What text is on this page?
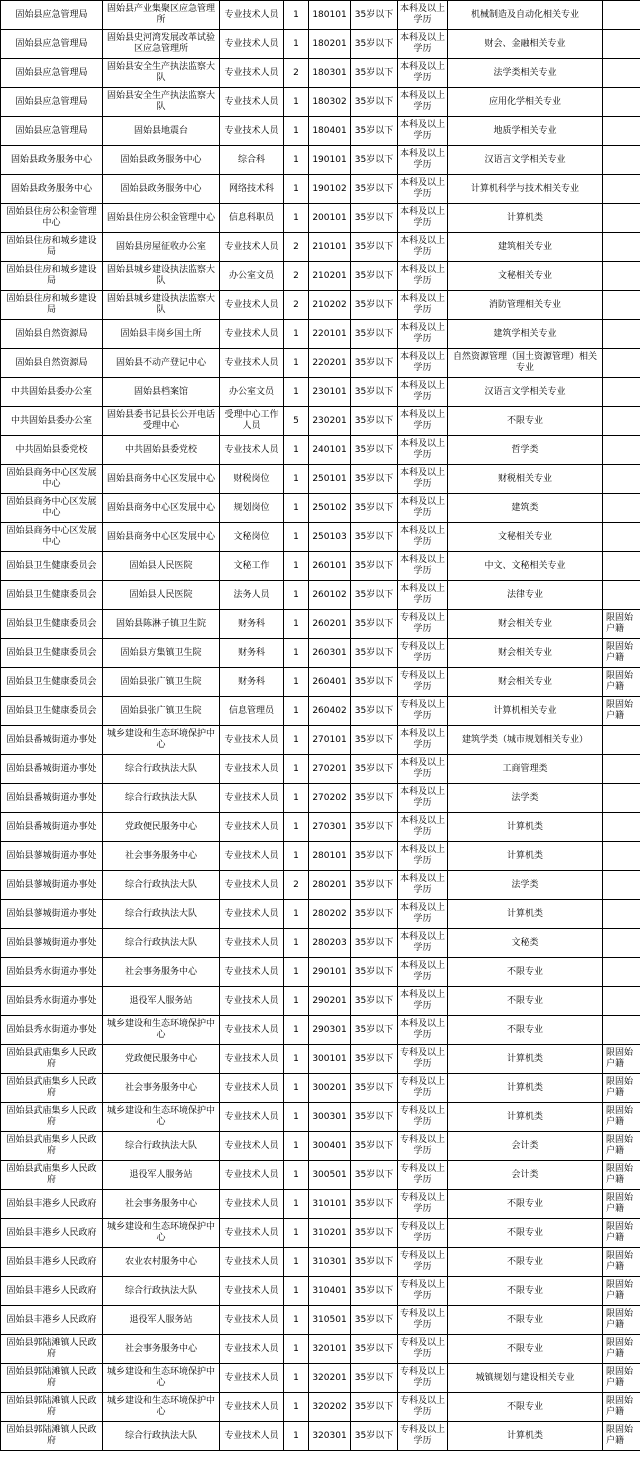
固始县应急管理局	固始县产业集聚区应急管理所	专业技术人员	1	180101	35岁以下	本科及以上学历	机械制造及自动化相关专业	
固始县应急管理局	固始县史河湾发展改革试验区应急管理所	专业技术人员	1	180201	35岁以下	本科及以上学历	财会、金融相关专业	
固始县应急管理局	固始县安全生产执法监察大队	专业技术人员	2	180301	35岁以下	本科及以上学历	法学类相关专业	
固始县应急管理局	固始县安全生产执法监察大队	专业技术人员	1	180302	35岁以下	本科及以上学历	应用化学相关专业	
固始县应急管理局	固始县地震台	专业技术人员	1	180401	35岁以下	本科及以上学历	地质学相关专业	
固始县政务服务中心	固始县政务服务中心	综合科	1	190101	35岁以下	本科及以上学历	汉语言文学相关专业	
固始县政务服务中心	固始县政务服务中心	网络技术科	1	190102	35岁以下	本科及以上学历	计算机科学与技术相关专业	
固始县住房公积金管理中心	固始县住房公积金管理中心	信息科职员	1	200101	35岁以下	本科及以上学历	计算机类	
固始县住房和城乡建设局	固始县房屋征收办公室	专业技术人员	2	210101	35岁以下	本科及以上学历	建筑相关专业	
固始县住房和城乡建设局	固始县城乡建设执法监察大队	办公室文员	2	210201	35岁以下	本科及以上学历	文秘相关专业	
固始县住房和城乡建设局	固始县城乡建设执法监察大队	专业技术人员	2	210202	35岁以下	本科及以上学历	消防管理相关专业	
固始县自然资源局	固始县丰岗乡国土所	专业技术人员	1	220101	35岁以下	本科及以上学历	建筑学相关专业	
固始县自然资源局	固始县不动产登记中心	专业技术人员	1	220201	35岁以下	本科及以上学历	自然资源管理（国土资源管理）相关专业	
中共固始县委办公室	固始县档案馆	办公室文员	1	230101	35岁以下	本科及以上学历	汉语言文学相关专业	
中共固始县委办公室	固始县委书记县长公开电话受理中心	受理中心工作人员	5	230201	35岁以下	本科及以上学历	不限专业	
中共固始县委党校	中共固始县委党校	专业技术人员	1	240101	35岁以下	本科及以上学历	哲学类	
固始县商务中心区发展中心	固始县商务中心区发展中心	财税岗位	1	250101	35岁以下	本科及以上学历	财税相关专业	
固始县商务中心区发展中心	固始县商务中心区发展中心	规划岗位	1	250102	35岁以下	本科及以上学历	建筑类	
固始县商务中心区发展中心	固始县商务中心区发展中心	文秘岗位	1	250103	35岁以下	本科及以上学历	文秘相关专业	
固始县卫生健康委员会	固始县人民医院	文秘工作	1	260101	35岁以下	本科及以上学历	中文、文秘相关专业	
固始县卫生健康委员会	固始县人民医院	法务人员	1	260102	35岁以下	本科及以上学历	法律专业	
固始县卫生健康委员会	固始县陈淋子镇卫生院	财务科	1	260201	35岁以下	专科及以上学历	财会相关专业	限固始户籍
固始县卫生健康委员会	固始县方集镇卫生院	财务科	1	260301	35岁以下	专科及以上学历	财会相关专业	限固始户籍
固始县卫生健康委员会	固始县张广镇卫生院	财务科	1	260401	35岁以下	专科及以上学历	财会相关专业	限固始户籍
固始县卫生健康委员会	固始县张广镇卫生院	信息管理员	1	260402	35岁以下	专科及以上学历	计算机相关专业	限固始户籍
固始县番城街道办事处	城乡建设和生态环境保护中心	专业技术人员	1	270101	35岁以下	本科及以上学历	建筑学类（城市规划相关专业）	
固始县番城街道办事处	综合行政执法大队	专业技术人员	1	270201	35岁以下	本科及以上学历	工商管理类	
固始县番城街道办事处	综合行政执法大队	专业技术人员	1	270202	35岁以下	本科及以上学历	法学类	
固始县番城街道办事处	党政便民服务中心	专业技术人员	1	270301	35岁以下	本科及以上学历	计算机类	
固始县蓼城街道办事处	社会事务服务中心	专业技术人员	1	280101	35岁以下	本科及以上学历	计算机类	
固始县蓼城街道办事处	综合行政执法大队	专业技术人员	2	280201	35岁以下	本科及以上学历	法学类	
固始县蓼城街道办事处	综合行政执法大队	专业技术人员	1	280202	35岁以下	本科及以上学历	计算机类	
固始县蓼城街道办事处	综合行政执法大队	专业技术人员	1	280203	35岁以下	本科及以上学历	文秘类	
固始县秀水街道办事处	社会事务服务中心	专业技术人员	1	290101	35岁以下	本科及以上学历	不限专业	
固始县秀水街道办事处	退役军人服务站	专业技术人员	1	290201	35岁以下	本科及以上学历	不限专业	
固始县秀水街道办事处	城乡建设和生态环境保护中心	专业技术人员	1	290301	35岁以下	本科及以上学历	不限专业	
固始县武庙集乡人民政府	党政便民服务中心	专业技术人员	1	300101	35岁以下	专科及以上学历	计算机类	限固始户籍
固始县武庙集乡人民政府	社会事务服务中心	专业技术人员	1	300201	35岁以下	专科及以上学历	计算机类	限固始户籍
固始县武庙集乡人民政府	城乡建设和生态环境保护中心	专业技术人员	1	300301	35岁以下	专科及以上学历	计算机类	限固始户籍
固始县武庙集乡人民政府	综合行政执法大队	专业技术人员	1	300401	35岁以下	专科及以上学历	会计类	限固始户籍
固始县武庙集乡人民政府	退役军人服务站	专业技术人员	1	300501	35岁以下	专科及以上学历	会计类	限固始户籍
固始县丰港乡人民政府	社会事务服务中心	专业技术人员	1	310101	35岁以下	专科及以上学历	不限专业	限固始户籍
固始县丰港乡人民政府	城乡建设和生态环境保护中心	专业技术人员	1	310201	35岁以下	专科及以上学历	不限专业	限固始户籍
固始县丰港乡人民政府	农业农村服务中心	专业技术人员	1	310301	35岁以下	专科及以上学历	不限专业	限固始户籍
固始县丰港乡人民政府	综合行政执法大队	专业技术人员	1	310401	35岁以下	专科及以上学历	不限专业	限固始户籍
固始县丰港乡人民政府	退役军人服务站	专业技术人员	1	310501	35岁以下	专科及以上学历	不限专业	限固始户籍
固始县郭陆滩镇人民政府	社会事务服务中心	专业技术人员	1	320101	35岁以下	专科及以上学历	不限专业	限固始户籍
固始县郭陆滩镇人民政府	城乡建设和生态环境保护中心	专业技术人员	1	320201	35岁以下	专科及以上学历	城镇规划与建设相关专业	限固始户籍
固始县郭陆滩镇人民政府	城乡建设和生态环境保护中心	专业技术人员	1	320202	35岁以下	专科及以上学历	不限专业	限固始户籍
固始县郭陆滩镇人民政府	综合行政执法大队	专业技术人员	1	320301	35岁以下	专科及以上学历	计算机类	限固始户籍
